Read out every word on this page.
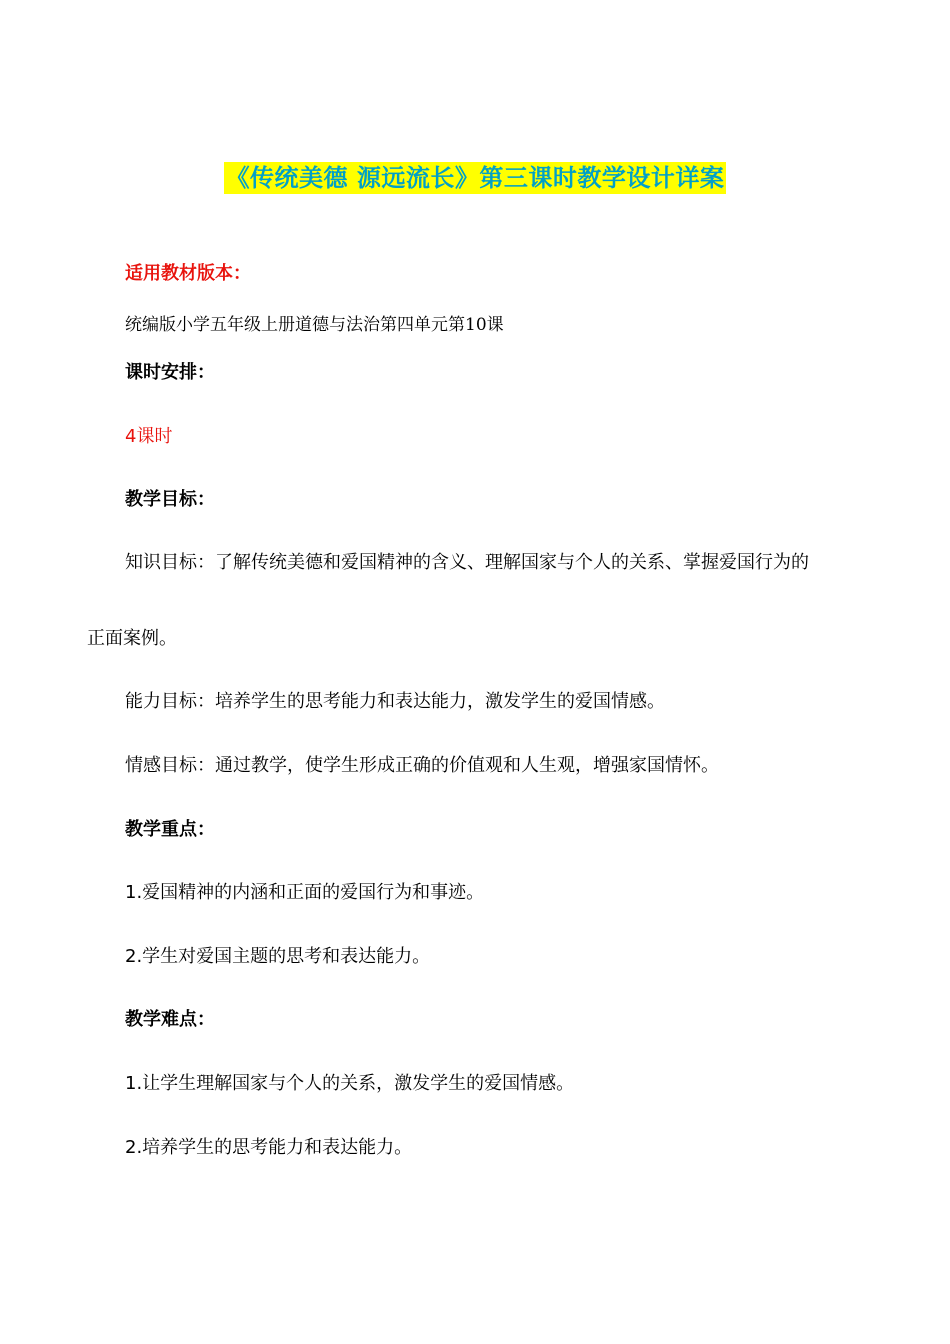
《传统美德 源远流长》第三课时教学设计详案
适用教材版本：
统编版小学五年级上册道德与法治第四单元第10课
课时安排：
4课时
教学目标：
知识目标：了解传统美德和爱国精神的含义、理解国家与个人的关系、掌握爱国行为的
正面案例。
能力目标：培养学生的思考能力和表达能力，激发学生的爱国情感。
情感目标：通过教学，使学生形成正确的价值观和人生观，增强家国情怀。
教学重点：
1.爱国精神的内涵和正面的爱国行为和事迹。
2.学生对爱国主题的思考和表达能力。
教学难点：
1.让学生理解国家与个人的关系，激发学生的爱国情感。
2.培养学生的思考能力和表达能力。
